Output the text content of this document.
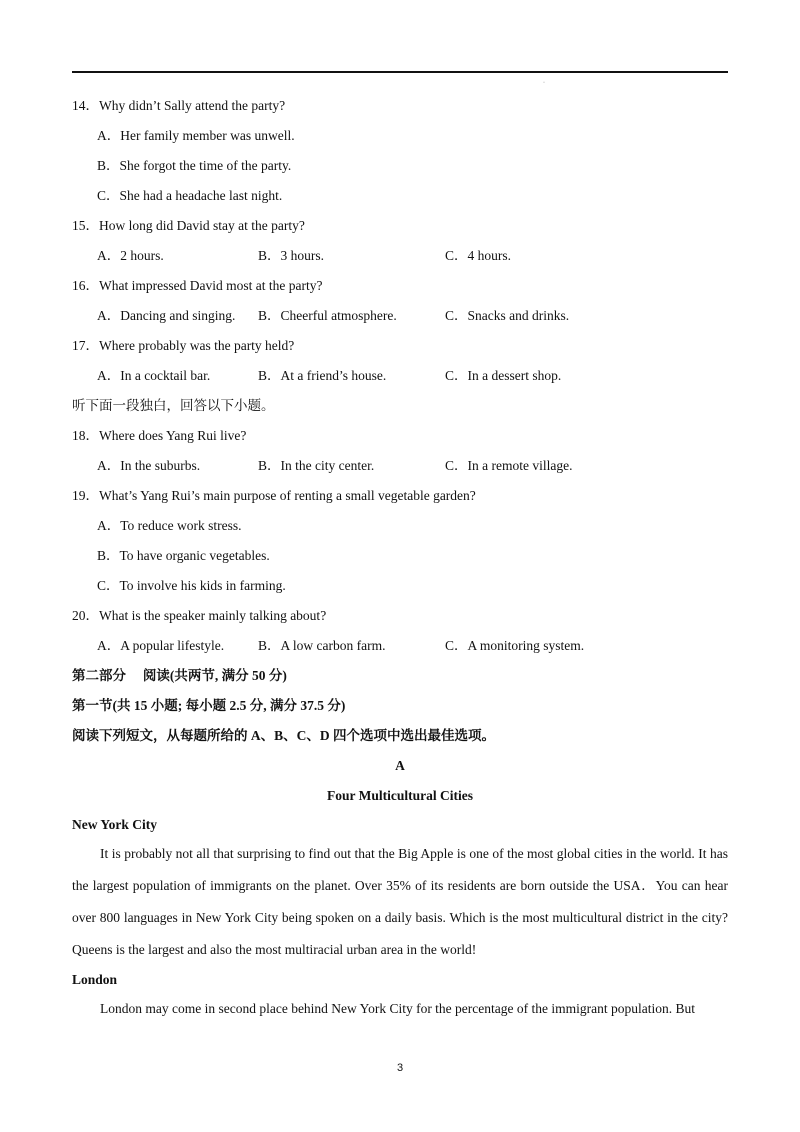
·
14．Why didn’t Sally attend the party?
A．Her family member was unwell.
B．She forgot the time of the party.
C．She had a headache last night.
15．How long did David stay at the party?
A．2 hours.	B．3 hours.	C．4 hours.
16．What impressed David most at the party?
A．Dancing and singing. B．Cheerful atmosphere.	C．Snacks and drinks.
17．Where probably was the party held?
A．In a cocktail bar.	B．At a friend’s house.	C．In a dessert shop.
听下面一段独白，回答以下小题。
18．Where does Yang Rui live?
A．In the suburbs.	B．In the city center.	C．In a remote village.
19．What’s Yang Rui’s main purpose of renting a small vegetable garden?
A．To reduce work stress.
B．To have organic vegetables.
C．To involve his kids in farming.
20．What is the speaker mainly talking about?
A．A popular lifestyle.	B．A low carbon farm.	C．A monitoring system.
第二部分　 阅读(共两节, 满分 50 分)
第一节(共 15 小题; 每小题 2.5 分, 满分 37.5 分)
阅读下列短文，从每题所给的 A、B、C、D 四个选项中选出最佳选项。
A
Four Multicultural Cities
New York City
It is probably not all that surprising to find out that the Big Apple is one of the most global cities in the world. It has the largest population of immigrants on the planet. Over 35% of its residents are born outside the USA．You can hear over 800 languages in New York City being spoken on a daily basis. Which is the most multicultural district in the city? Queens is the largest and also the most multiracial urban area in the world!
London
London may come in second place behind New York City for the percentage of the immigrant population. But
3
